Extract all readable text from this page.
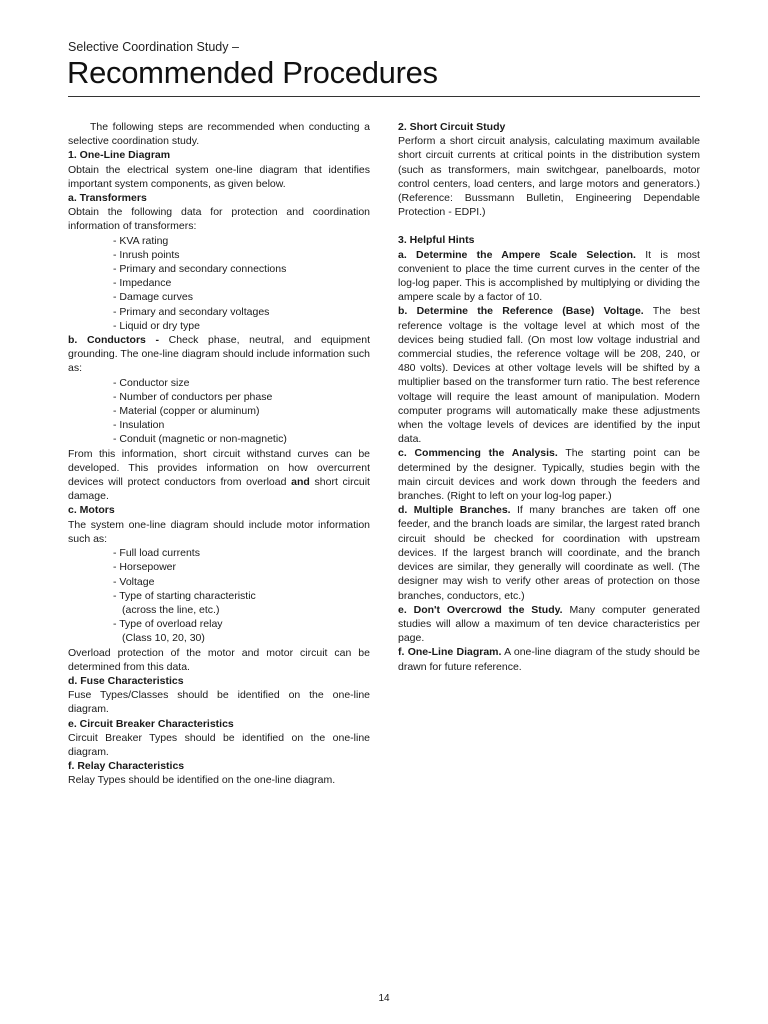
Selective Coordination Study –
Recommended Procedures

The following steps are recommended when conducting a selective coordination study.

1. One-Line Diagram

Obtain the electrical system one-line diagram that identifies important system components, as given below.

a. Transformers

Obtain the following data for protection and coordination information of transformers:

- KVA rating
- Inrush points
- Primary and secondary connections
- Impedance
- Damage curves
- Primary and secondary voltages
- Liquid or dry type

b. Conductors - Check phase, neutral, and equipment grounding. The one-line diagram should include information such as:

- Conductor size
- Number of conductors per phase
- Material (copper or aluminum)
- Insulation
- Conduit (magnetic or non-magnetic)

From this information, short circuit withstand curves can be developed. This provides information on how overcurrent devices will protect conductors from overload and short circuit damage.

c. Motors

The system one-line diagram should include motor information such as:

- Full load currents
- Horsepower
- Voltage
- Type of starting characteristic
(across the line, etc.)
- Type of overload relay
(Class 10, 20, 30)

Overload protection of the motor and motor circuit can be determined from this data.

d. Fuse Characteristics

Fuse Types/Classes should be identified on the one-line diagram.

e. Circuit Breaker Characteristics

Circuit Breaker Types should be identified on the one-line diagram.

f. Relay Characteristics

Relay Types should be identified on the one-line diagram.

2. Short Circuit Study

Perform a short circuit analysis, calculating maximum available short circuit currents at critical points in the distribution system (such as transformers, main switchgear, panelboards, motor control centers, load centers, and large motors and generators.) (Reference: Bussmann Bulletin, Engineering Dependable Protection - EDPI.)

3. Helpful Hints

a. Determine the Ampere Scale Selection. It is most convenient to place the time current curves in the center of the log-log paper. This is accomplished by multiplying or dividing the ampere scale by a factor of 10.

b. Determine the Reference (Base) Voltage. The best reference voltage is the voltage level at which most of the devices being studied fall. (On most low voltage industrial and commercial studies, the reference voltage will be 208, 240, or 480 volts). Devices at other voltage levels will be shifted by a multiplier based on the transformer turn ratio. The best reference voltage will require the least amount of manipulation. Modern computer programs will automatically make these adjustments when the voltage levels of devices are identified by the input data.

c. Commencing the Analysis. The starting point can be determined by the designer. Typically, studies begin with the main circuit devices and work down through the feeders and branches. (Right to left on your log-log paper.)

d. Multiple Branches. If many branches are taken off one feeder, and the branch loads are similar, the largest rated branch circuit should be checked for coordination with upstream devices. If the largest branch will coordinate, and the branch devices are similar, they generally will coordinate as well. (The designer may wish to verify other areas of protection on those branches, conductors, etc.)

e. Don't Overcrowd the Study. Many computer generated studies will allow a maximum of ten device characteristics per page.

f. One-Line Diagram. A one-line diagram of the study should be drawn for future reference.

14
